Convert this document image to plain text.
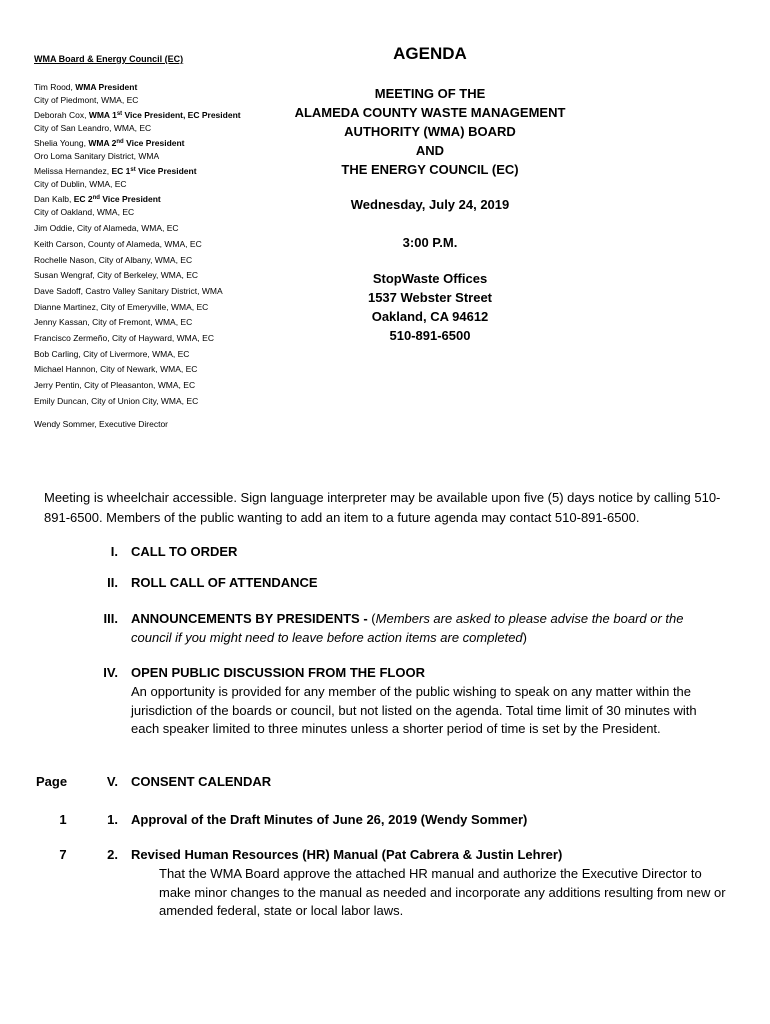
WMA Board & Energy Council (EC)
Tim Rood, WMA President
City of Piedmont, WMA, EC
Deborah Cox, WMA 1st Vice President, EC President
City of San Leandro, WMA, EC
Shelia Young, WMA 2nd Vice President
Oro Loma Sanitary District, WMA
Melissa Hernandez, EC 1st Vice President
City of Dublin, WMA, EC
Dan Kalb, EC 2nd Vice President
City of Oakland, WMA, EC
Jim Oddie, City of Alameda, WMA, EC
Keith Carson, County of Alameda, WMA, EC
Rochelle Nason, City of Albany, WMA, EC
Susan Wengraf, City of Berkeley, WMA, EC
Dave Sadoff, Castro Valley Sanitary District, WMA
Dianne Martinez, City of Emeryville, WMA, EC
Jenny Kassan, City of Fremont, WMA, EC
Francisco Zermeño, City of Hayward, WMA, EC
Bob Carling, City of Livermore, WMA, EC
Michael Hannon, City of Newark, WMA, EC
Jerry Pentin, City of Pleasanton, WMA, EC
Emily Duncan, City of Union City, WMA, EC
Wendy Sommer, Executive Director
AGENDA
MEETING OF THE
ALAMEDA COUNTY WASTE MANAGEMENT
AUTHORITY (WMA) BOARD
AND
THE ENERGY COUNCIL (EC)
Wednesday, July 24, 2019
3:00 P.M.
StopWaste Offices
1537 Webster Street
Oakland, CA 94612
510-891-6500
Meeting is wheelchair accessible. Sign language interpreter may be available upon five (5) days notice by calling 510-891-6500. Members of the public wanting to add an item to a future agenda may contact 510-891-6500.
I. CALL TO ORDER
II. ROLL CALL OF ATTENDANCE
III. ANNOUNCEMENTS BY PRESIDENTS - (Members are asked to please advise the board or the council if you might need to leave before action items are completed)
IV. OPEN PUBLIC DISCUSSION FROM THE FLOOR
An opportunity is provided for any member of the public wishing to speak on any matter within the jurisdiction of the boards or council, but not listed on the agenda. Total time limit of 30 minutes with each speaker limited to three minutes unless a shorter period of time is set by the President.
Page	V. CONSENT CALENDAR
1	1. Approval of the Draft Minutes of June 26, 2019 (Wendy Sommer)
7	2. Revised Human Resources (HR) Manual (Pat Cabrera & Justin Lehrer)
That the WMA Board approve the attached HR manual and authorize the Executive Director to make minor changes to the manual as needed and incorporate any additions resulting from new or amended federal, state or local labor laws.
